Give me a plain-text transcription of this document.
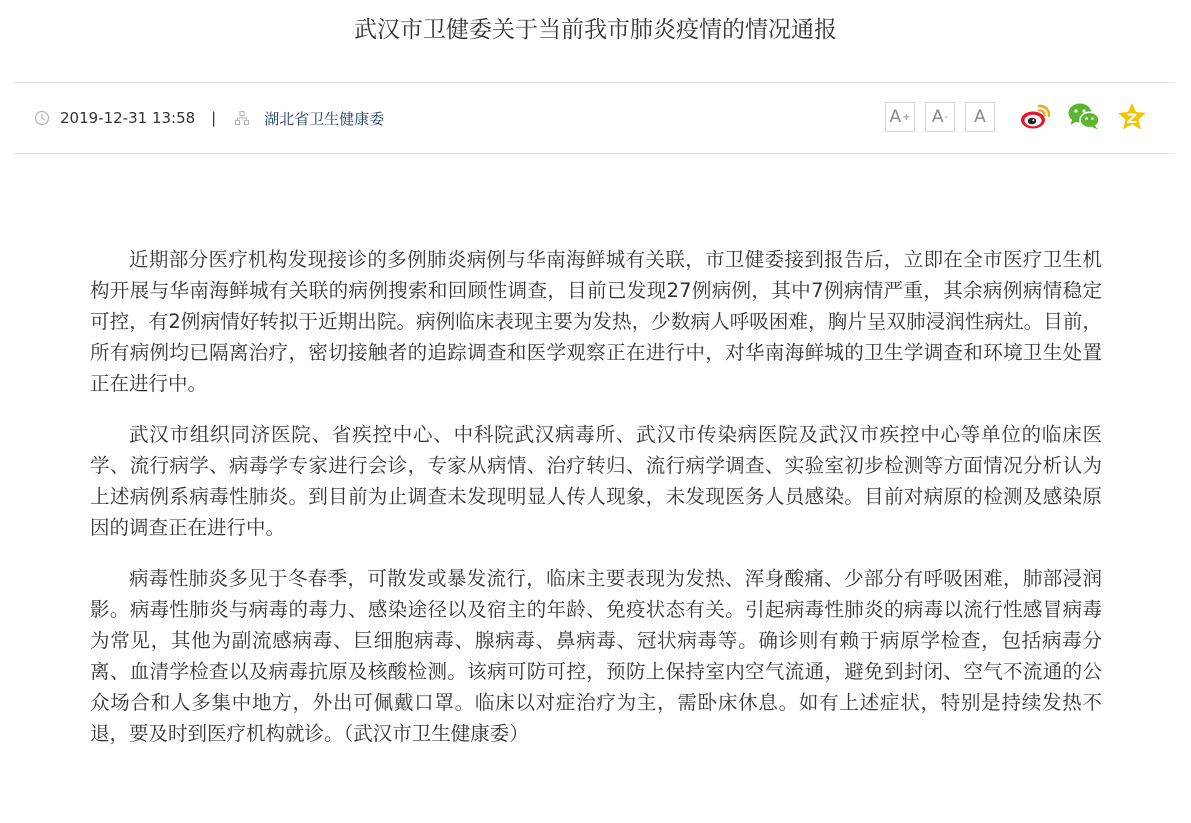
武汉市卫健委关于当前我市肺炎疫情的情况通报
2019-12-31 13:58 |	湖北省卫生健康委	A + A - A

近期部分医疗机构发现接诊的多例肺炎病例与华南海鲜城有关联，市卫健委接到报告后，立即在全市医疗卫生机构开展与华南海鲜城有关联的病例搜索和回顾性调查，目前已发现27例病例，其中7例病情严重，其余病例病情稳定可控，有2例病情好转拟于近期出院。病例临床表现主要为发热，少数病人呼吸困难，胸片呈双肺浸润性病灶。目前，所有病例均已隔离治疗，密切接触者的追踪调查和医学观察正在进行中，对华南海鲜城的卫生学调查和环境卫生处置正在进行中。

武汉市组织同济医院、省疾控中心、中科院武汉病毒所、武汉市传染病医院及武汉市疾控中心等单位的临床医学、流行病学、病毒学专家进行会诊，专家从病情、治疗转归、流行病学调查、实验室初步检测等方面情况分析认为上述病例系病毒性肺炎。到目前为止调查未发现明显人传人现象，未发现医务人员感染。目前对病原的检测及感染原因的调查正在进行中。

病毒性肺炎多见于冬春季，可散发或暴发流行，临床主要表现为发热、浑身酸痛、少部分有呼吸困难，肺部浸润影。病毒性肺炎与病毒的毒力、感染途径以及宿主的年龄、免疫状态有关。引起病毒性肺炎的病毒以流行性感冒病毒为常见，其他为副流感病毒、巨细胞病毒、腺病毒、鼻病毒、冠状病毒等。确诊则有赖于病原学检查，包括病毒分离、血清学检查以及病毒抗原及核酸检测。该病可防可控，预防上保持室内空气流通，避免到封闭、空气不流通的公众场合和人多集中地方，外出可佩戴口罩。临床以对症治疗为主，需卧床休息。如有上述症状，特别是持续发热不退，要及时到医疗机构就诊。（武汉市卫生健康委）
